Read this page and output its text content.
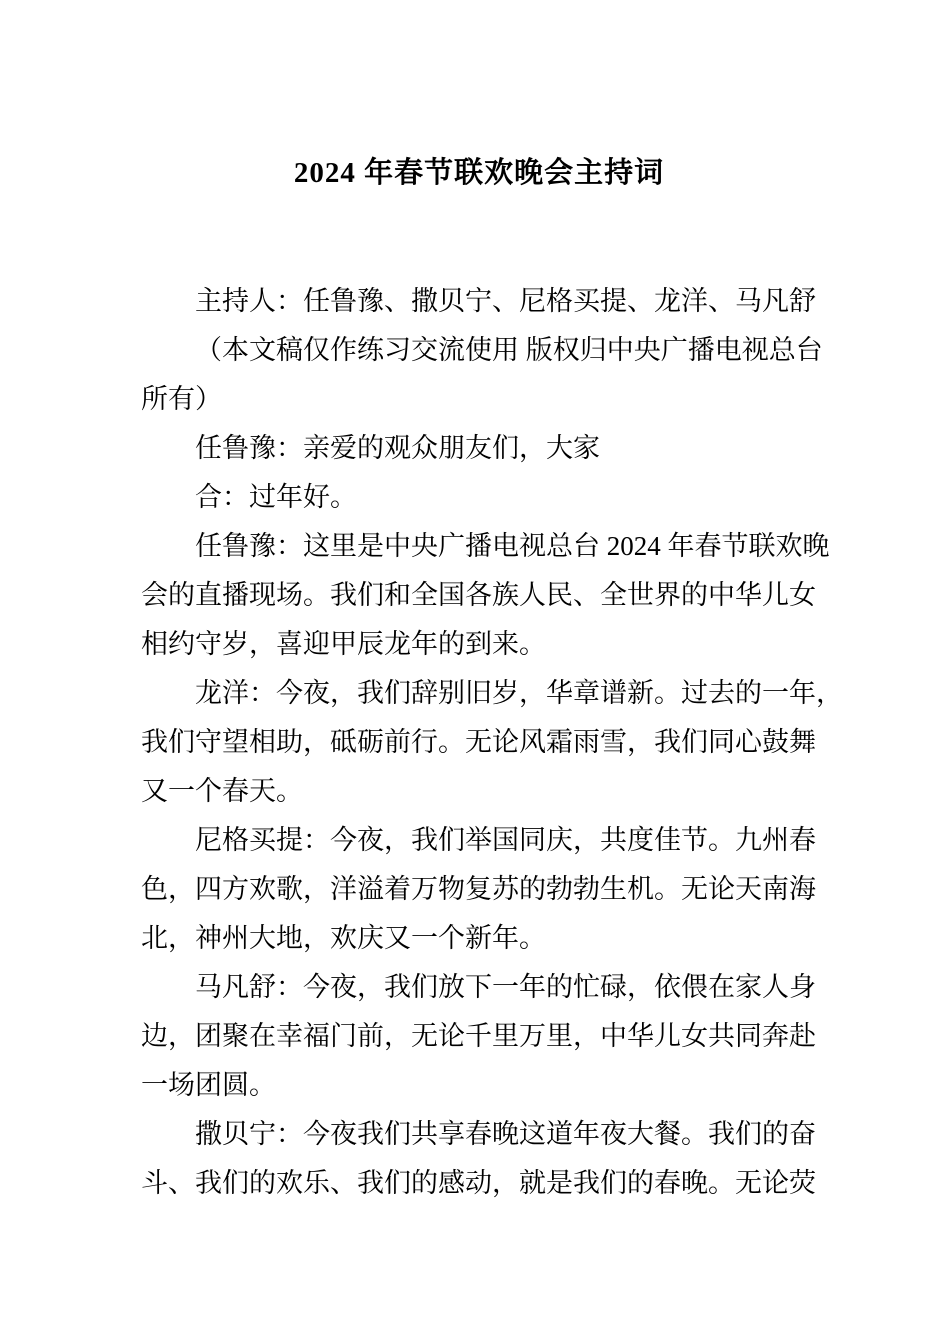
2024 年春节联欢晚会主持词
主持人：任鲁豫、撒贝宁、尼格买提、龙洋、马凡舒
（本文稿仅作练习交流使用 版权归中央广播电视总台
所有）
任鲁豫：亲爱的观众朋友们，大家
合：过年好。
任鲁豫：这里是中央广播电视总台 2024 年春节联欢晚
会的直播现场。我们和全国各族人民、全世界的中华儿女
相约守岁，喜迎甲辰龙年的到来。
龙洋：今夜，我们辞别旧岁，华章谱新。过去的一年，
我们守望相助，砥砺前行。无论风霜雨雪，我们同心鼓舞
又一个春天。
尼格买提：今夜，我们举国同庆，共度佳节。九州春
色，四方欢歌，洋溢着万物复苏的勃勃生机。无论天南海
北，神州大地，欢庆又一个新年。
马凡舒：今夜，我们放下一年的忙碌，依偎在家人身
边，团聚在幸福门前，无论千里万里，中华儿女共同奔赴
一场团圆。
撒贝宁：今夜我们共享春晚这道年夜大餐。我们的奋
斗、我们的欢乐、我们的感动，就是我们的春晚。无论荧
